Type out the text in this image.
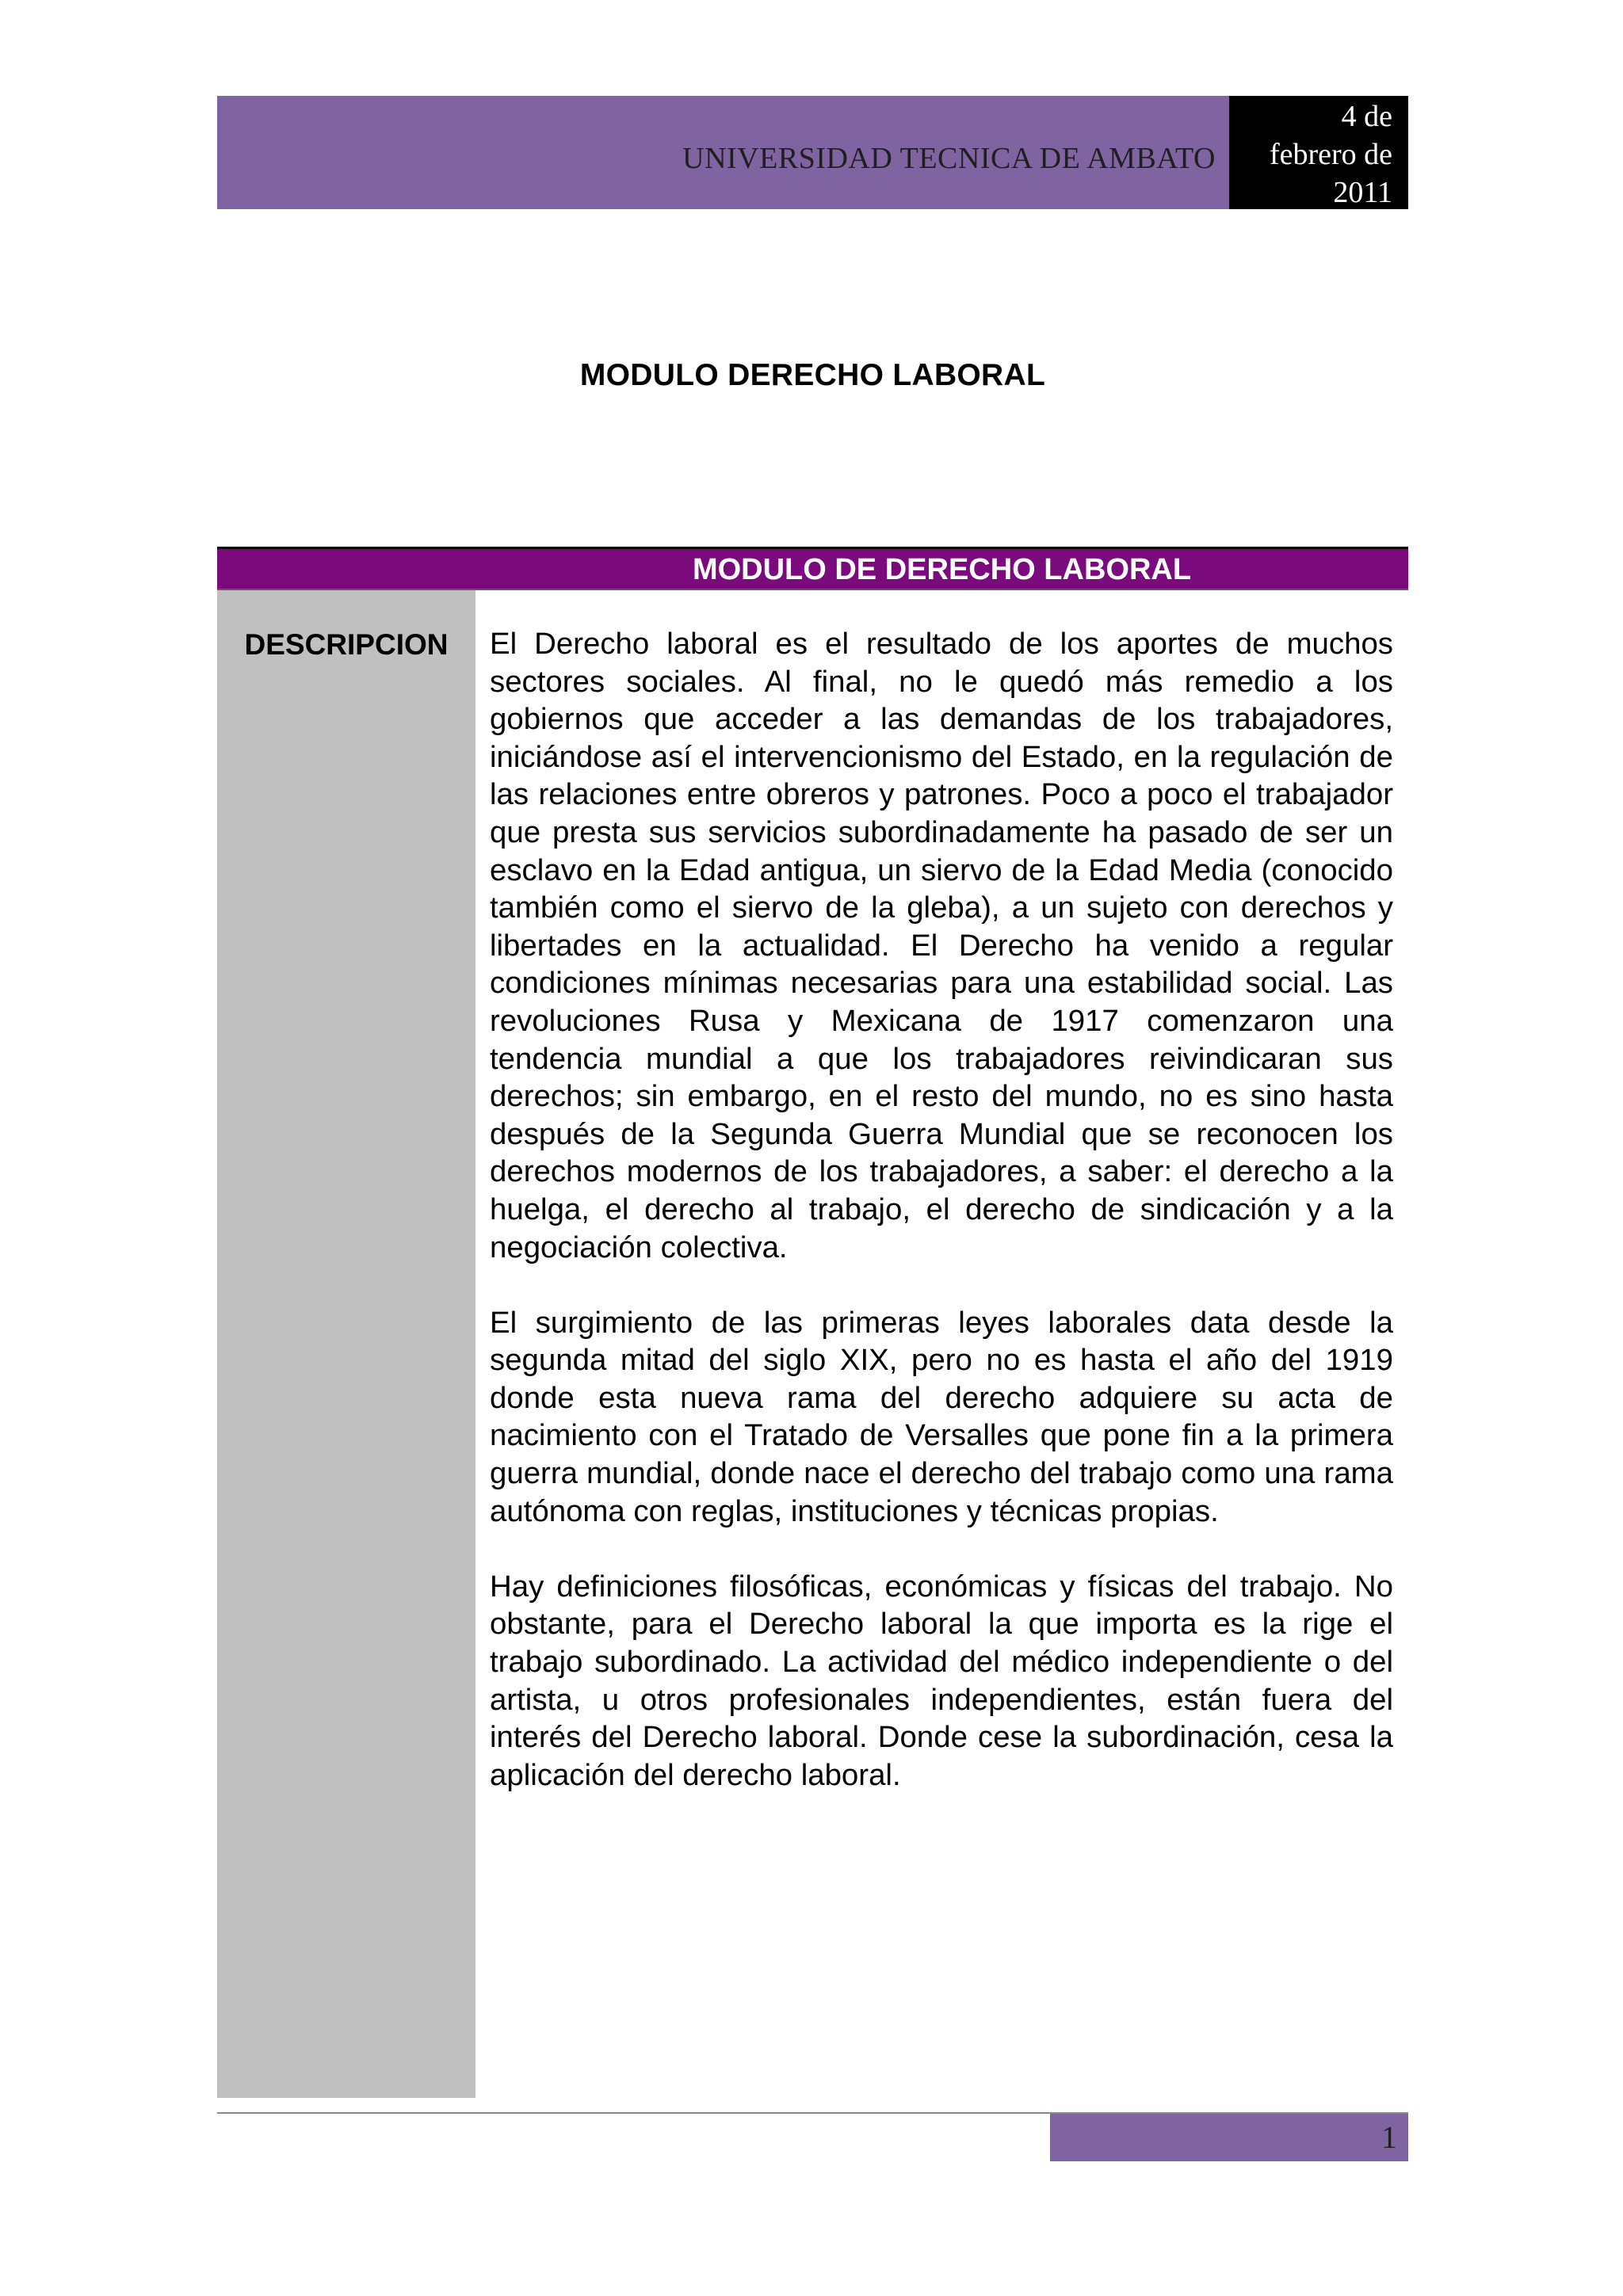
UNIVERSIDAD TECNICA DE AMBATO
4 de
febrero de
2011
MODULO DERECHO LABORAL
MODULO DE DERECHO LABORAL
DESCRIPCION	El Derecho laboral es el resultado de los aportes de muchos sectores sociales. Al final, no le quedó más remedio a los gobiernos que acceder a las demandas de los trabajadores, iniciándose así el intervencionismo del Estado, en la regulación de las relaciones entre obreros y patrones. Poco a poco el trabajador que presta sus servicios subordinadamente ha pasado de ser un esclavo en la Edad antigua, un siervo de la Edad Media (conocido también como el siervo de la gleba), a un sujeto con derechos y libertades en la actualidad. El Derecho ha venido a regular condiciones mínimas necesarias para una estabilidad social. Las revoluciones Rusa y Mexicana de 1917 comenzaron una tendencia mundial a que los trabajadores reivindicaran sus derechos; sin embargo, en el resto del mundo, no es sino hasta después de la Segunda Guerra Mundial que se reconocen los derechos modernos de los trabajadores, a saber: el derecho a la huelga, el derecho al trabajo, el derecho de sindicación y a la negociación colectiva.

El surgimiento de las primeras leyes laborales data desde la segunda mitad del siglo XIX, pero no es hasta el año del 1919 donde esta nueva rama del derecho adquiere su acta de nacimiento con el Tratado de Versalles que pone fin a la primera guerra mundial, donde nace el derecho del trabajo como una rama autónoma con reglas, instituciones y técnicas propias.

Hay definiciones filosóficas, económicas y físicas del trabajo. No obstante, para el Derecho laboral la que importa es la rige el trabajo subordinado. La actividad del médico independiente o del artista, u otros profesionales independientes, están fuera del interés del Derecho laboral. Donde cese la subordinación, cesa la aplicación del derecho laboral.

1
